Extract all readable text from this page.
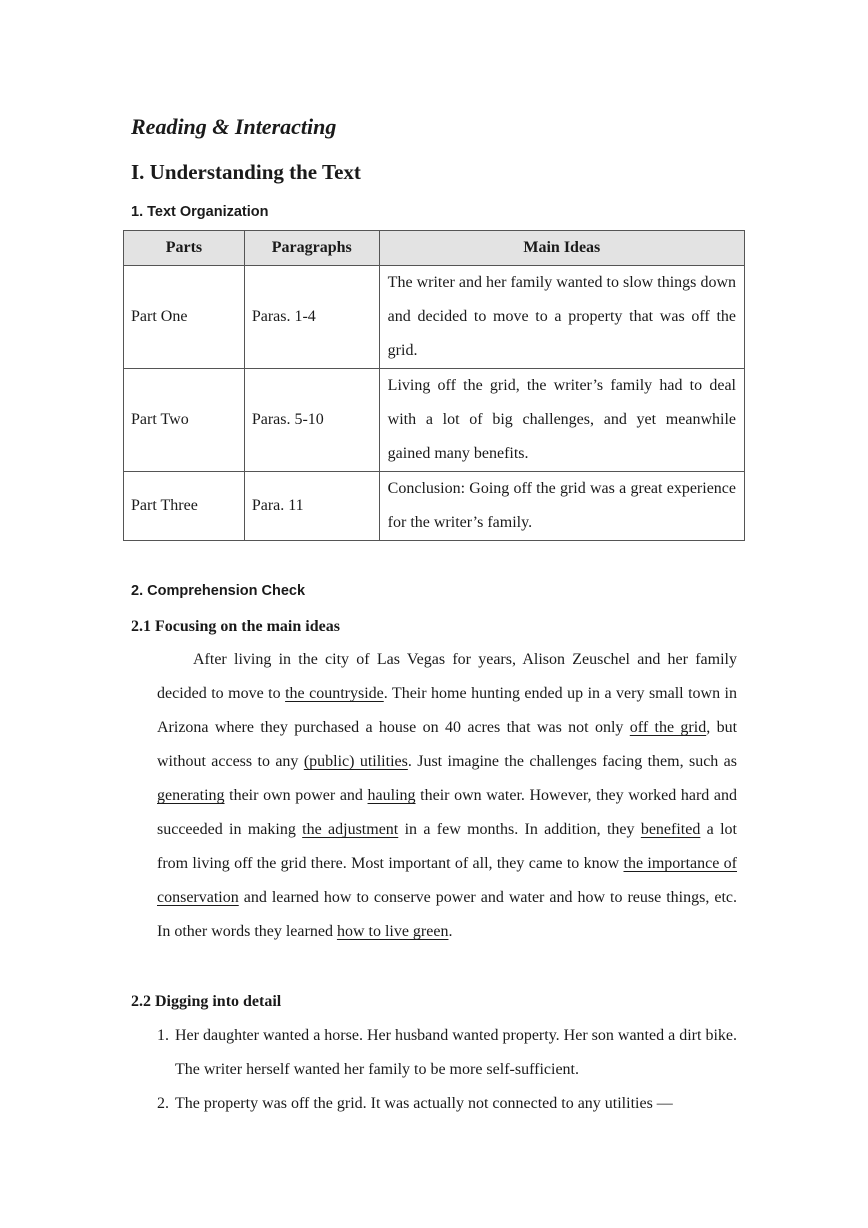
Reading & Interacting
I. Understanding the Text
1. Text Organization
Parts	Paragraphs	Main Ideas
Part One	Paras. 1-4	The writer and her family wanted to slow things down and decided to move to a property that was off the grid.
Part Two	Paras. 5-10	Living off the grid, the writer’s family had to deal with a lot of big challenges, and yet meanwhile gained many benefits.
Part Three	Para. 11	Conclusion: Going off the grid was a great experience for the writer’s family.
2. Comprehension Check
2.1 Focusing on the main ideas

After living in the city of Las Vegas for years, Alison Zeuschel and her family decided to move to the countryside. Their home hunting ended up in a very small town in Arizona where they purchased a house on 40 acres that was not only off the grid, but without access to any (public) utilities. Just imagine the challenges facing them, such as generating their own power and hauling their own water. However, they worked hard and succeeded in making the adjustment in a few months. In addition, they benefited a lot from living off the grid there. Most important of all, they came to know the importance of conservation and learned how to conserve power and water and how to reuse things, etc. In other words they learned how to live green.

2.2 Digging into detail
1. Her daughter wanted a horse. Her husband wanted property. Her son wanted a dirt bike. The writer herself wanted her family to be more self-sufficient.
2. The property was off the grid. It was actually not connected to any utilities —
